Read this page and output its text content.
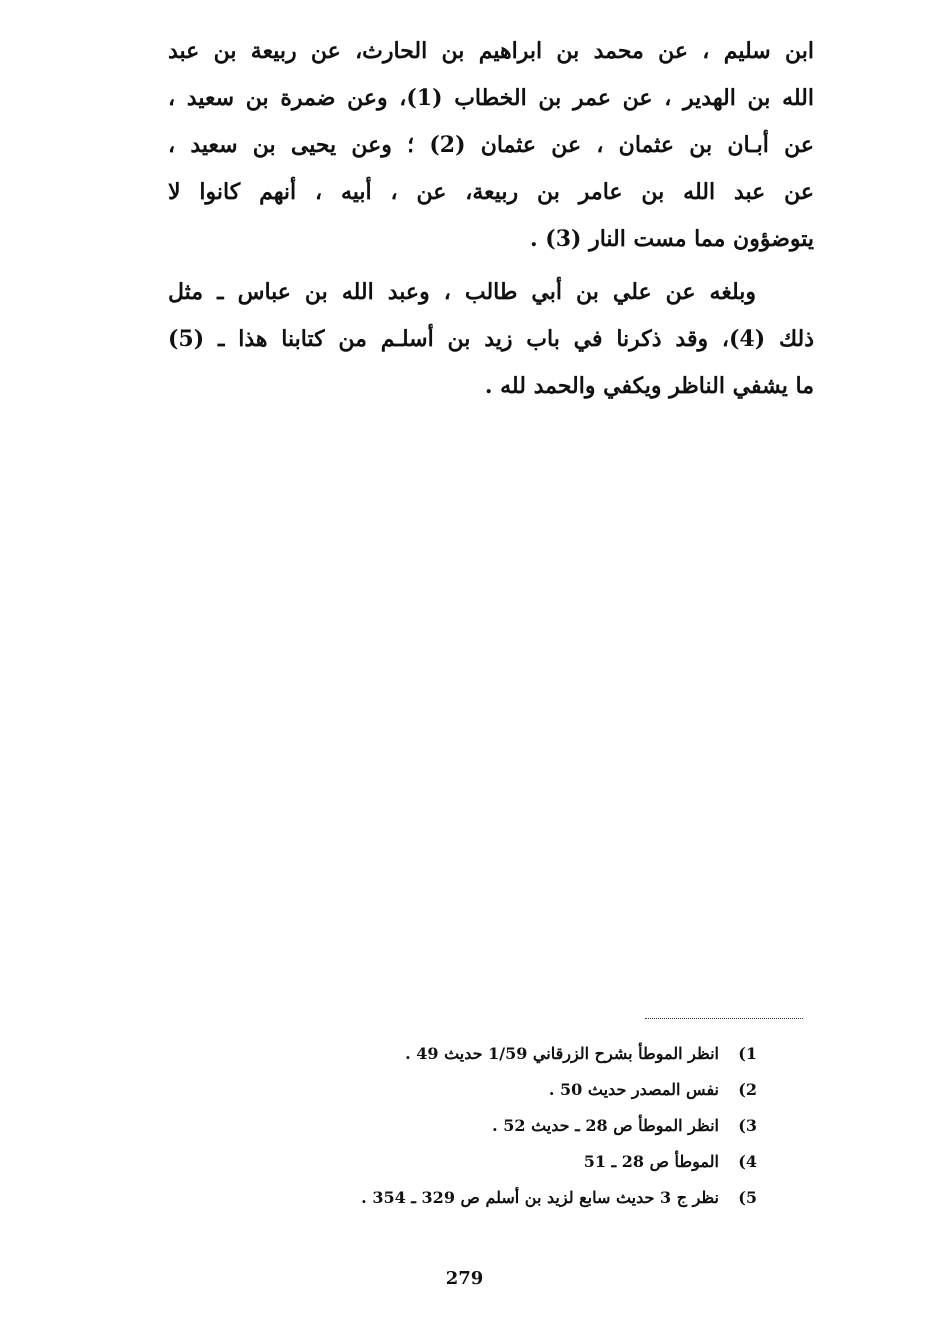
ابن سليم ، عن محمد بن ابراهيم بن الحارث، عن ربيعة بن عبد
الله بن الهدير ، عن عمر بن الخطاب (1)، وعن ضمرة بن سعيد ،
عن أبـان بن عثمان ، عن عثمان (2) ؛ وعن يحيى بن سعيد ،
عن عبد الله بن عامر بن ربيعة، عن ، أبيه ، أنهم كانوا لا
يتوضؤون مما مست النار (3) .
وبلغه عن علي بن أبي طالب ، وعبد الله بن عباس ـ مثل
ذلك (4)، وقد ذكرنا في باب زيد بن أسلـم من كتابنا هذا ـ (5)
ما يشفي الناظر ويكفي والحمد لله .
1)
انظر الموطأ بشرح الزرقاني 1/59 حديث 49 .
2)
نفس المصدر حديث 50 .
3)
انظر الموطأ ص 28 ـ حديث 52 .
4)
الموطأ ص 28 ـ 51
5)
نظر ج 3 حديث سابع لزيد بن أسلم ص 329 ـ 354 .
279
